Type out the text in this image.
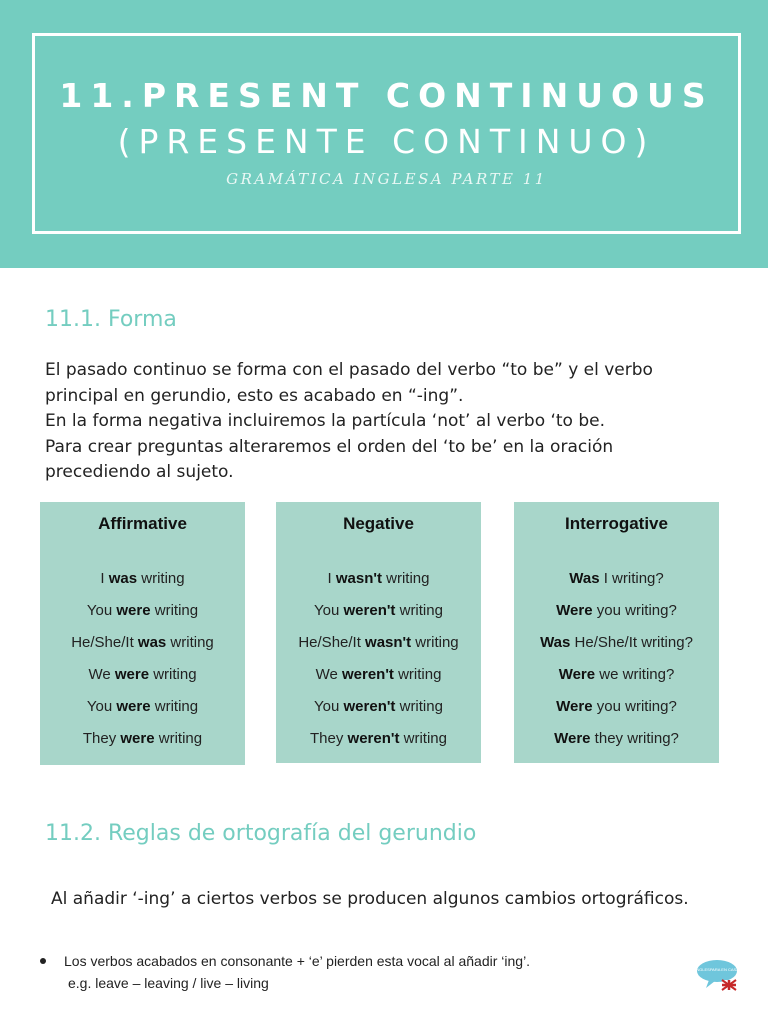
11.PRESENT CONTINUOUS
(PRESENTE CONTINUO)
GRAMÁTICA INGLESA PARTE 11
11.1. Forma
El pasado continuo se forma con el pasado del verbo “to be” y el verbo
principal en gerundio, esto es acabado en “-ing”.
En la forma negativa incluiremos la partícula ‘not’ al verbo ‘to be.
Para crear preguntas alteraremos el orden del ‘to be’ en la oración
precediendo al sujeto.
Affirmative
I was writing
You were writing
He/She/It was writing
We were writing
You were writing
They were writing
Negative
I wasn't writing
You weren't writing
He/She/It wasn't writing
We weren't writing
You weren't writing
They weren't writing
Interrogative
Was I writing?
Were you writing?
Was He/She/It writing?
Were we writing?
Were you writing?
Were they writing?
11.2. Reglas de ortografía del gerundio
Al añadir ‘-ing’ a ciertos verbos se producen algunos cambios ortográficos.
Los verbos acabados en consonante + ‘e’ pierden esta vocal al añadir ‘ing’.
e.g. leave – leaving / live – living
INGLESPARA EN CASA
